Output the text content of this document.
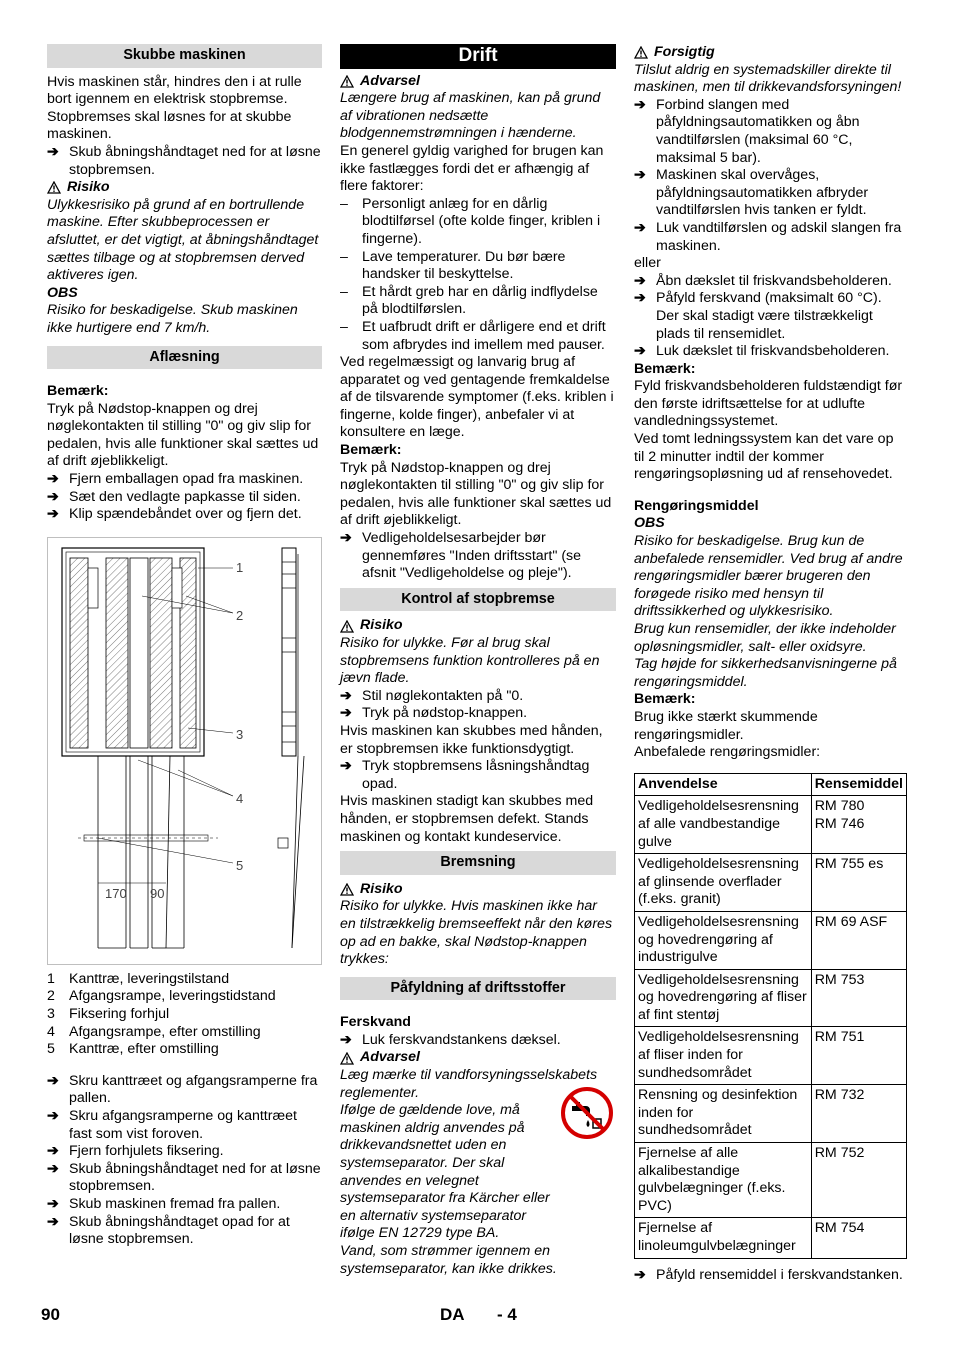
Skubbe maskinen

Hvis maskinen står, hindres den i at rulle bort igennem en elektrisk stopbremse. Stopbremses skal løsnes for at skubbe maskinen.

➔ Skub åbningshåndtaget ned for at løsne stopbremsen.
Risiko

Ulykkesrisiko på grund af en bortrullende maskine. Efter skubbeprocessen er afsluttet, er det vigtigt, at åbningshåndtaget sættes tilbage og at stopbremsen derved aktiveres igen.

OBS

Risiko for beskadigelse. Skub maskinen ikke hurtigere end 7 km/h.

Aflæsning

Bemærk:

Tryk på Nødstop-knappen og drej nøglekontakten til stilling "0" og giv slip for pedalen, hvis alle funktioner skal sættes ud af drift øjeblikkeligt.

➔ Fjern emballagen opad fra maskinen.
➔ Sæt den vedlagte papkasse til siden.
➔ Klip spændebåndet over og fjern det.
170 90
1
2
3
4
5
1 Kanttræ, leveringstilstand
2 Afgangsrampe, leveringstidstand
3 Fiksering forhjul
4 Afgangsrampe, efter omstilling
5 Kanttræ, efter omstilling
➔ Skru kanttræet og afgangsramperne fra pallen.
➔ Skru afgangsramperne og kanttræet fast som vist foroven.
➔ Fjern forhjulets fiksering.
➔ Skub åbningshåndtaget ned for at løsne stopbremsen.
➔ Skub maskinen fremad fra pallen.
➔ Skub åbningshåndtaget opad for at løsne stopbremsen.
Drift
Advarsel

Længere brug af maskinen, kan på grund af vibrationen nedsætte blodgennemstrømningen i hænderne.

En generel gyldig varighed for brugen kan ikke fastlægges fordi det er afhængig af flere faktorer:

– Personligt anlæg for en dårlig blodtilførsel (ofte kolde finger, kriblen i fingerne).
– Lave temperaturer. Du bør bære handsker til beskyttelse.
– Et hårdt greb har en dårlig indflydelse på blodtilførslen.
– Et uafbrudt drift er dårligere end et drift som afbrydes ind imellem med pauser.

Ved regelmæssigt og lanvarig brug af apparatet og ved gentagende fremkaldelse af de tilsvarende symptomer (f.eks. kriblen i fingerne, kolde finger), anbefaler vi at konsultere en læge.

Bemærk:

Tryk på Nødstop-knappen og drej nøglekontakten til stilling "0" og giv slip for pedalen, hvis alle funktioner skal sættes ud af drift øjeblikkeligt.

➔ Vedligeholdelsesarbejder bør gennemføres "Inden driftsstart" (se afsnit "Vedligeholdelse og pleje").
Kontrol af stopbremse
Risiko

Risiko for ulykke. Før al brug skal stopbremsens funktion kontrolleres på en jævn flade.

➔ Stil nøglekontakten på "0.
➔ Tryk på nødstop-knappen.

Hvis maskinen kan skubbes med hånden, er stopbremsen ikke funktionsdygtigt.

➔ Tryk stopbremsens låsningshåndtag opad.

Hvis maskinen stadigt kan skubbes med hånden, er stopbremsen defekt. Stands maskinen og kontakt kundeservice.

Bremsning
Risiko

Risiko for ulykke. Hvis maskinen ikke har en tilstrækkelig bremseeffekt når den køres op ad en bakke, skal Nødstop-knappen trykkes:

Påfyldning af driftsstoffer

Ferskvand

➔ Luk ferskvandstankens dæksel.
Advarsel

Læg mærke til vandforsyningsselskabets reglementer.

Ifølge de gældende love, må maskinen aldrig anvendes på drikkevandsnettet uden en systemseparator. Der skal anvendes en velegnet systemseparator fra Kärcher eller en alternativ systemseparator ifølge EN 12729 type BA.

Vand, som strømmer igennem en systemseparator, kan ikke drikkes.

Forsigtig

Tilslut aldrig en systemadskiller direkte til maskinen, men til drikkevandsforsyningen!

➔ Forbind slangen med påfyldningsautomatikken og åbn vandtilførslen (maksimal 60 °C, maksimal 5 bar).
➔ Maskinen skal overvåges, påfyldningsautomatikken afbryder vandtilførslen hvis tanken er fyldt.
➔ Luk vandtilførslen og adskil slangen fra maskinen.

eller

➔ Åbn dækslet til friskvandsbeholderen.
➔ Påfyld ferskvand (maksimalt 60 °C). Der skal stadigt være tilstrækkeligt plads til rensemidlet.
➔ Luk dækslet til friskvandsbeholderen.

Bemærk:

Fyld friskvandsbeholderen fuldstændigt før den første idriftsættelse for at udlufte vandledningssystemet.

Ved tomt ledningssystem kan det vare op til 2 minutter indtil der kommer rengøringsopløsning ud af rensehovedet.

Rengøringsmiddel

OBS

Risiko for beskadigelse. Brug kun de anbefalede rensemidler. Ved brug af andre rengøringsmidler bærer brugeren den forøgede risiko med hensyn til driftssikkerhed og ulykkesrisiko.

Brug kun rensemidler, der ikke indeholder opløsningsmidler, salt- eller oxidsyre.

Tag højde for sikkerhedsanvisningerne på rengøringsmiddel.

Bemærk:

Brug ikke stærkt skummende rengøringsmidler.

Anbefalede rengøringsmidler:

Anvendelse	Rensemiddel
Vedligeholdelsesrensning af alle vandbestandige gulve	RM 780
RM 746
Vedligeholdelsesrensning af glinsende overflader (f.eks. granit)	RM 755 es
Vedligeholdelsesrensning og hovedrengøring af industrigulve	RM 69 ASF
Vedligeholdelsesrensning og hovedrengøring af fliser af fint stentøj	RM 753
Vedligeholdelsesrensning af fliser inden for sundhedsområdet	RM 751
Rensning og desinfektion inden for sundhedsområdet	RM 732
Fjernelse af alle alkalibestandige gulvbelægninger (f.eks. PVC)	RM 752
Fjernelse af linoleumgulvbelægninger	RM 754
➔ Påfyld rensemiddel i ferskvandstanken.
90	DA - 4
